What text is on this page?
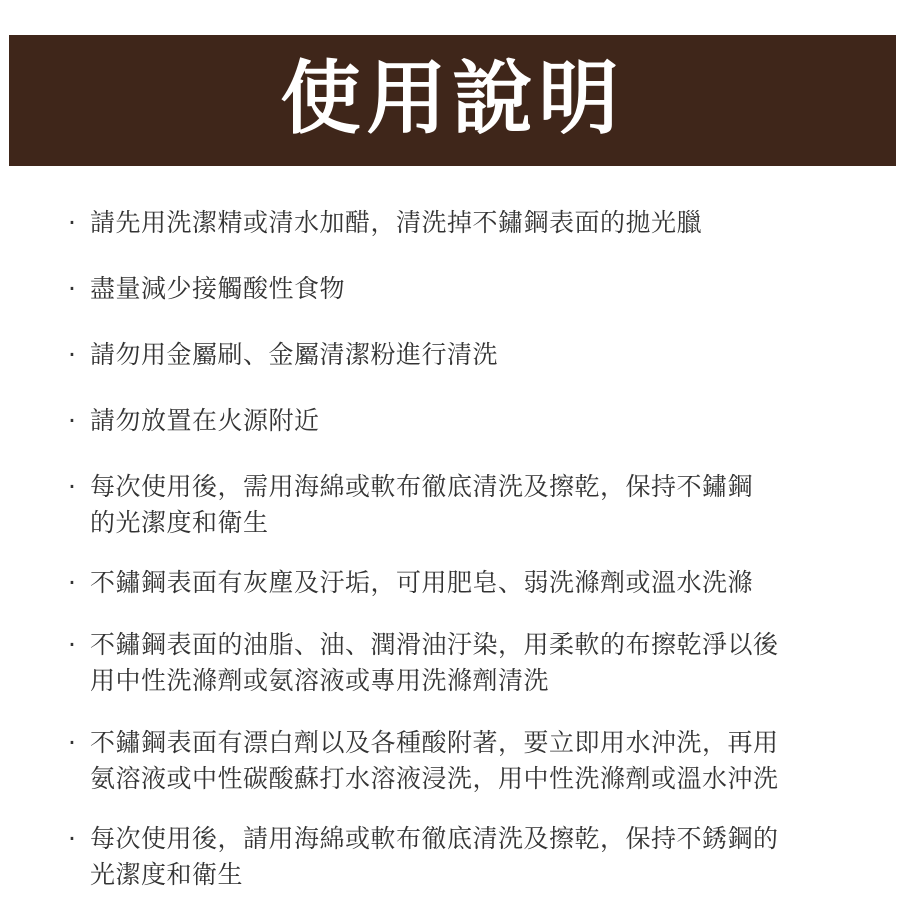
使用說明
· 請先用洗潔精或清水加醋，清洗掉不鏽鋼表面的拋光臘
· 盡量減少接觸酸性食物
· 請勿用金屬刷、金屬清潔粉進行清洗
· 請勿放置在火源附近
· 每次使用後，需用海綿或軟布徹底清洗及擦乾，保持不鏽鋼
的光潔度和衛生
· 不鏽鋼表面有灰塵及汙垢，可用肥皂、弱洗滌劑或溫水洗滌
· 不鏽鋼表面的油脂、油、潤滑油汙染，用柔軟的布擦乾淨以後
用中性洗滌劑或氨溶液或專用洗滌劑清洗
· 不鏽鋼表面有漂白劑以及各種酸附著，要立即用水沖洗，再用
氨溶液或中性碳酸蘇打水溶液浸洗，用中性洗滌劑或溫水沖洗
· 每次使用後，請用海綿或軟布徹底清洗及擦乾，保持不銹鋼的
光潔度和衛生
